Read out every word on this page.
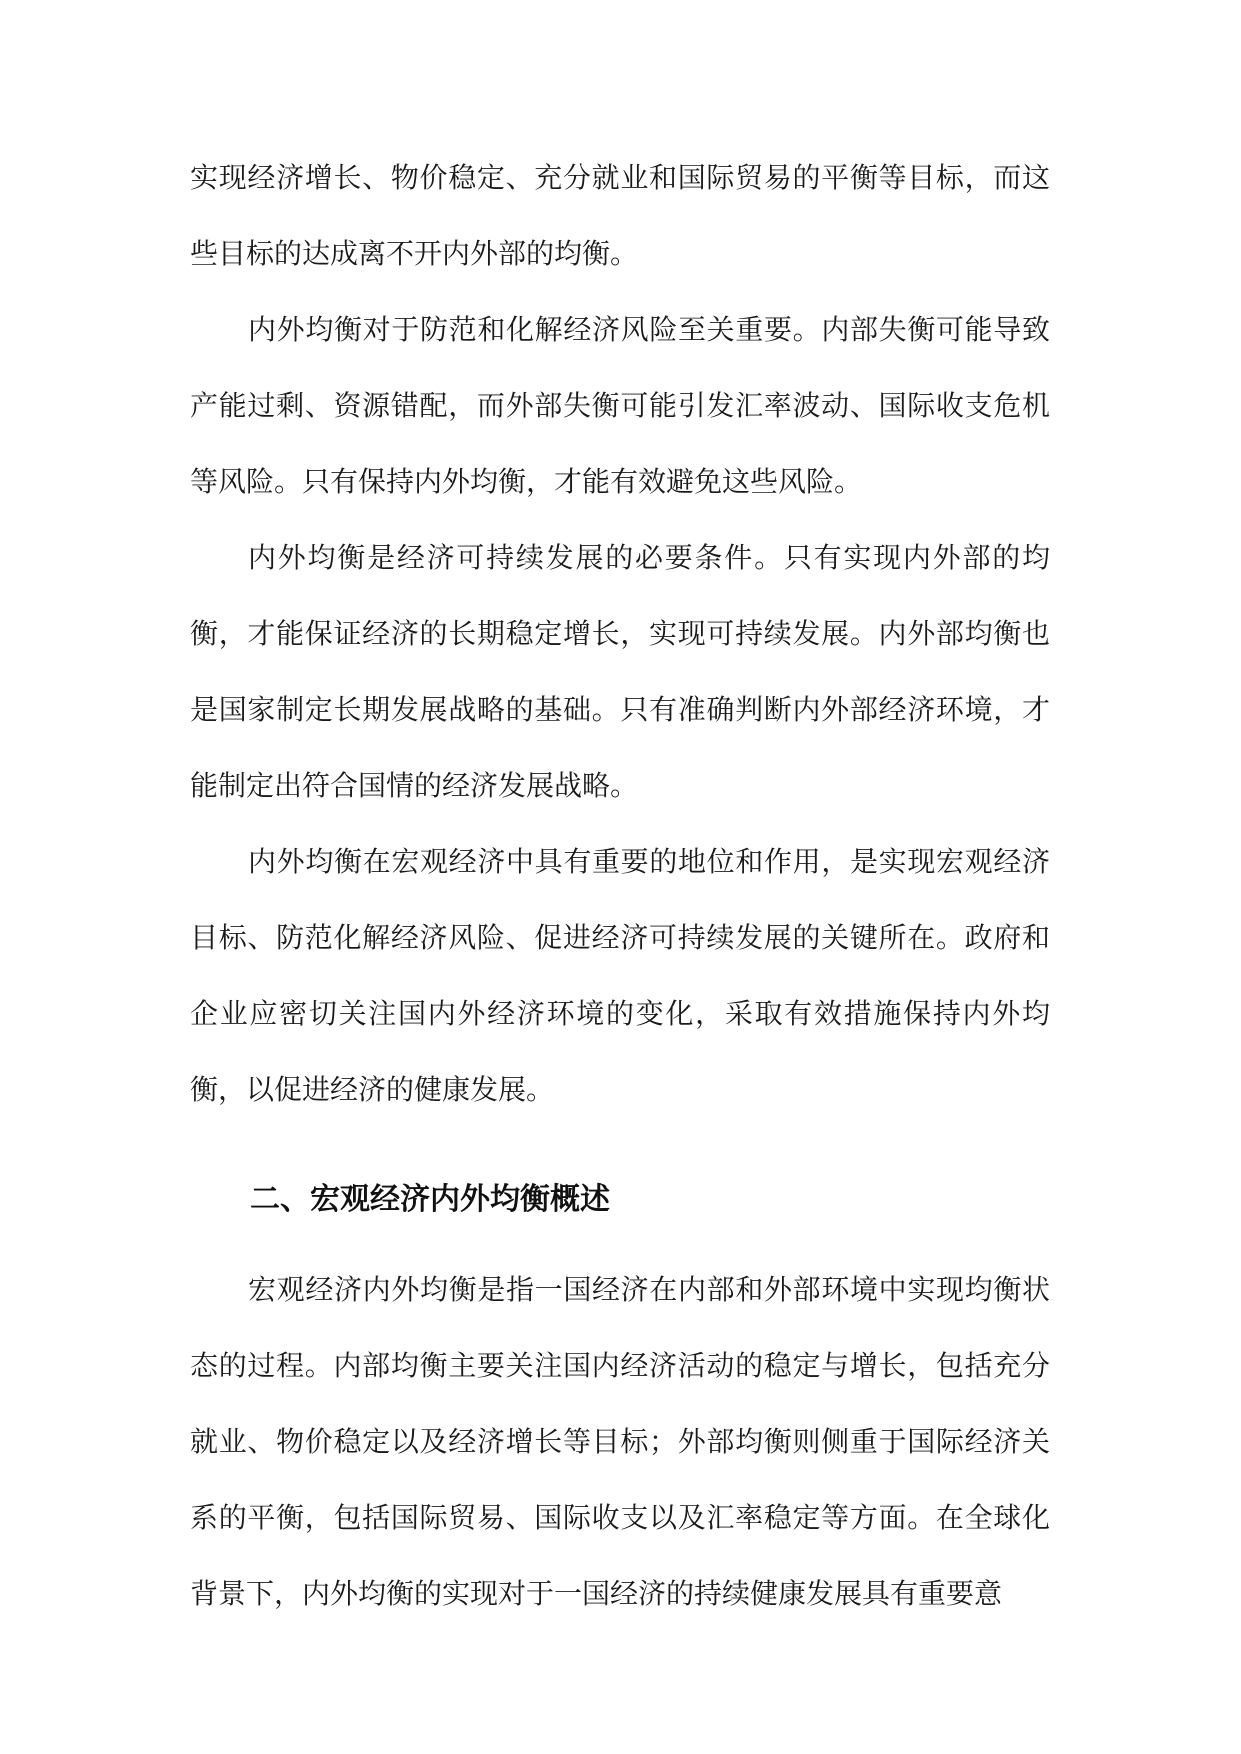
实现经济增长、物价稳定、充分就业和国际贸易的平衡等目标，而这些目标的达成离不开内外部的均衡。

内外均衡对于防范和化解经济风险至关重要。内部失衡可能导致产能过剩、资源错配，而外部失衡可能引发汇率波动、国际收支危机等风险。只有保持内外均衡，才能有效避免这些风险。

内外均衡是经济可持续发展的必要条件。只有实现内外部的均衡，才能保证经济的长期稳定增长，实现可持续发展。内外部均衡也是国家制定长期发展战略的基础。只有准确判断内外部经济环境，才能制定出符合国情的经济发展战略。

内外均衡在宏观经济中具有重要的地位和作用，是实现宏观经济目标、防范化解经济风险、促进经济可持续发展的关键所在。政府和企业应密切关注国内外经济环境的变化，采取有效措施保持内外均衡，以促进经济的健康发展。

二、宏观经济内外均衡概述

宏观经济内外均衡是指一国经济在内部和外部环境中实现均衡状态的过程。内部均衡主要关注国内经济活动的稳定与增长，包括充分就业、物价稳定以及经济增长等目标；外部均衡则侧重于国际经济关系的平衡，包括国际贸易、国际收支以及汇率稳定等方面。在全球化背景下，内外均衡的实现对于一国经济的持续健康发展具有重要意
